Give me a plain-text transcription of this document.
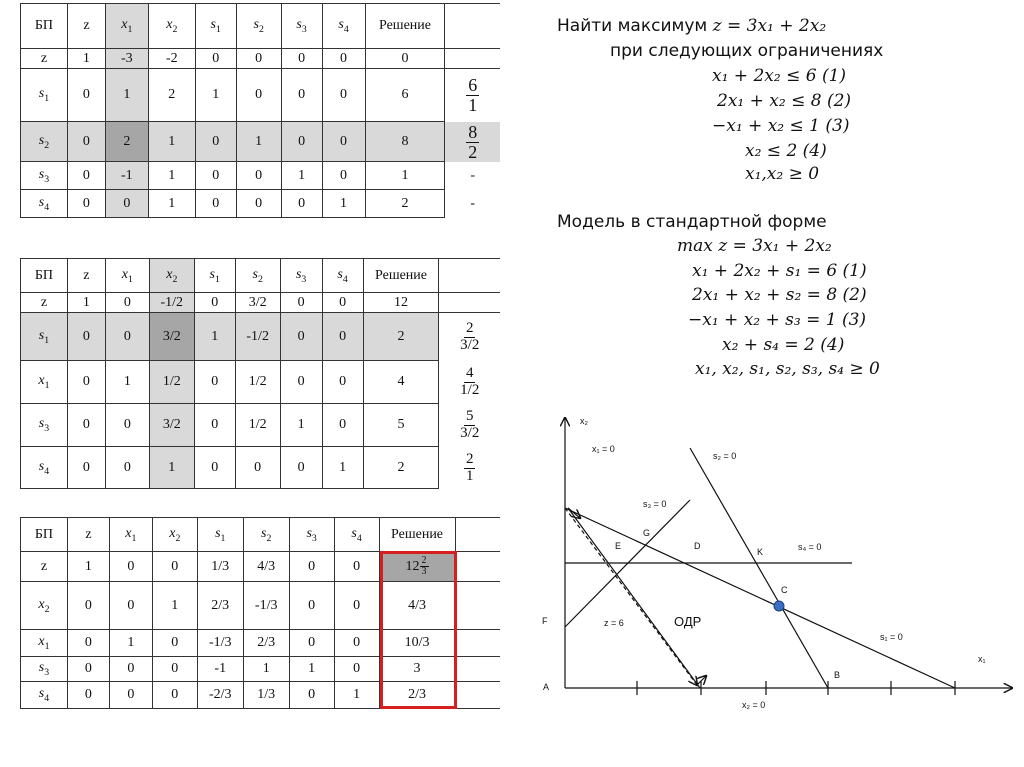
БП	z	$x_1$	$x_2$	$s_1$	$s_2$	$s_3$	$s_4$	Решение	
z	1	-3	-2	0	0	0	0	0	
$s_1$	0	1	2	1	0	0	0	6	$\frac{6}{1}$

$s_2$	0	2	1	0	1	0	0	8	$\frac{8}{2}$

$s_3$	0	-1	1	0	0	1	0	1	-
$s_4$	0	0	1	0	0	0	1	2	-
БП	z	$x_1$	$x_2$	$s_1$	$s_2$	$s_3$	$s_4$	Решение	
z	1	0	-1/2	0	3/2	0	0	12	
$s_1$	0	0	3/2	1	-1/2	0	0	2	$\frac{2}{3/2}$

$x_1$	0	1	1/2	0	1/2	0	0	4	$\frac{4}{1/2}$

$s_3$	0	0	3/2	0	1/2	1	0	5	$\frac{5}{3/2}$

$s_4$	0	0	1	0	0	0	1	2	$\frac{2}{1}$
БП	z	$x_1$	$x_2$	$s_1$	$s_2$	$s_3$	$s_4$	Решение	
z	1	0	0	1/3	4/3	0	0	$12 \frac{2}{3}$

$x_2$	0	0	1	2/3	-1/3	0	0	4/3	
$x_1$	0	1	0	-1/3	2/3	0	0	10/3	
$s_3$	0	0	0	-1	1	1	0	3	
$s_4$	0	0	0	-2/3	1/3	0	1	2/3	
Найти максимум z = 3x₁ + 2x₂
при следующих ограничениях
x₁ + 2x₂ ≤ 6 (1)
2x₁ + x₂ ≤ 8 (2)
−x₁ + x₂ ≤ 1 (3)
x₂ ≤ 2 (4)
x₁,x₂ ≥ 0
Модель в стандартной форме
max z = 3x₁ + 2x₂
x₁ + 2x₂ + s₁ = 6 (1)
2x₁ + x₂ + s₂ = 8 (2)
−x₁ + x₂ + s₃ = 1 (3)
x₂ + s₄ = 2 (4)
x₁, x₂, s₁, s₂, s₃, s₄ ≥ 0
x₂
x₁
x₁ = 0
s₂ = 0
s₃ = 0
s₄ = 0
s₁ = 0
x₂ = 0
z = 6
A
B
C
D
E
F
G
K
ОДР
